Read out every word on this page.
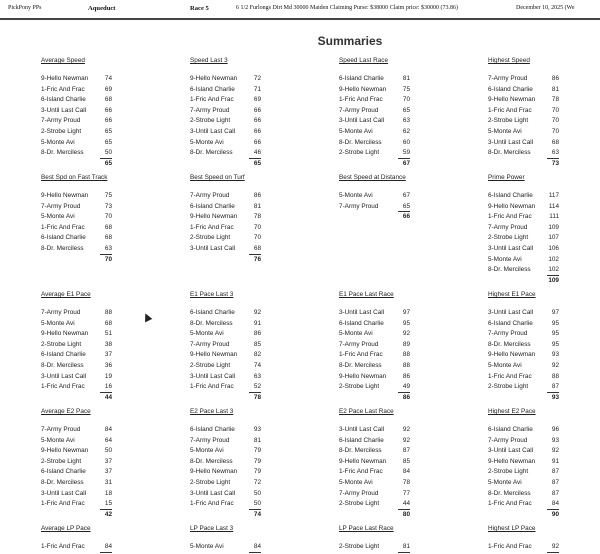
PickPony PPs	Aqueduct	Race 5	6 1/2 Furlongs Dirt Md 30000 Maiden Claiming Purse: $38000 Claim price: $30000 (73.86)	December 10, 2025 (We
Summaries
Average Speed
9-Hello Newman	74
1-Fric And Frac	69
6-Island Charlie	68
3-Until Last Call	66
7-Army Proud	66
2-Strobe Light	65
5-Monte Avi	65
8-Dr. Merciless	50
65
Speed Last 3
9-Hello Newman	72
6-Island Charlie	71
1-Fric And Frac	69
7-Army Proud	66
2-Strobe Light	66
3-Until Last Call	66
5-Monte Avi	66
8-Dr. Merciless	46
65
Speed Last Race
6-Island Charlie	81
9-Hello Newman	75
1-Fric And Frac	70
7-Army Proud	65
3-Until Last Call	63
5-Monte Avi	62
8-Dr. Merciless	60
2-Strobe Light	59
67
Highest Speed
7-Army Proud	86
6-Island Charlie	81
9-Hello Newman	78
1-Fric And Frac	70
2-Strobe Light	70
5-Monte Avi	70
3-Until Last Call	68
8-Dr. Merciless	63
73
Best Spd on Fast Track
9-Hello Newman	75
7-Army Proud	73
5-Monte Avi	70
1-Fric And Frac	68
6-Island Charlie	68
8-Dr. Merciless	63
70
Best Speed on Turf
7-Army Proud	86
6-Island Charlie	81
9-Hello Newman	78
1-Fric And Frac	70
2-Strobe Light	70
3-Until Last Call	68
76
Best Speed at Distance
5-Monte Avi	67
7-Army Proud	65
66
Prime Power
6-Island Charlie	117
9-Hello Newman 114
1-Fric And Frac	111
7-Army Proud	109
2-Strobe Light	107
3-Until Last Call 106
5-Monte Avi	102
8-Dr. Merciless	102
109
Average E1 Pace
7-Army Proud	88
5-Monte Avi	68
9-Hello Newman	51
2-Strobe Light	38
6-Island Charlie	37
8-Dr. Merciless	36
3-Until Last Call	19
1-Fric And Frac	16
44
E1 Pace Last 3
6-Island Charlie	92
8-Dr. Merciless	91
5-Monte Avi	86
7-Army Proud	85
9-Hello Newman	82
2-Strobe Light	74
3-Until Last Call	63
1-Fric And Frac	52
78
E1 Pace Last Race
3-Until Last Call	97
6-Island Charlie	95
5-Monte Avi	92
7-Army Proud	89
1-Fric And Frac	88
8-Dr. Merciless	88
9-Hello Newman	86
2-Strobe Light	49
86
Highest E1 Pace
3-Until Last Call	97
6-Island Charlie	95
7-Army Proud	95
8-Dr. Merciless	95
9-Hello Newman	93
5-Monte Avi	92
1-Fric And Frac	88
2-Strobe Light	87
93
Average E2 Pace
7-Army Proud	84
5-Monte Avi	64
9-Hello Newman	50
2-Strobe Light	37
6-Island Charlie	37
8-Dr. Merciless	31
3-Until Last Call	18
1-Fric And Frac	15
42
E2 Pace Last 3
6-Island Charlie	93
7-Army Proud	81
5-Monte Avi	79
8-Dr. Merciless	79
9-Hello Newman	79
2-Strobe Light	72
3-Until Last Call	50
1-Fric And Frac	50
74
E2 Pace Last Race
3-Until Last Call	92
6-Island Charlie	92
8-Dr. Merciless	87
9-Hello Newman	85
1-Fric And Frac	84
5-Monte Avi	78
7-Army Proud	77
2-Strobe Light	44
80
Highest E2 Pace
6-Island Charlie	96
7-Army Proud	93
3-Until Last Call	92
9-Hello Newman	91
2-Strobe Light	87
5-Monte Avi	87
8-Dr. Merciless	87
1-Fric And Frac	84
90
Average LP Pace
1-Fric And Frac	84
LP Pace Last 3
5-Monte Avi	84
LP Pace Last Race
2-Strobe Light	81
Highest LP Pace
1-Fric And Frac	92
